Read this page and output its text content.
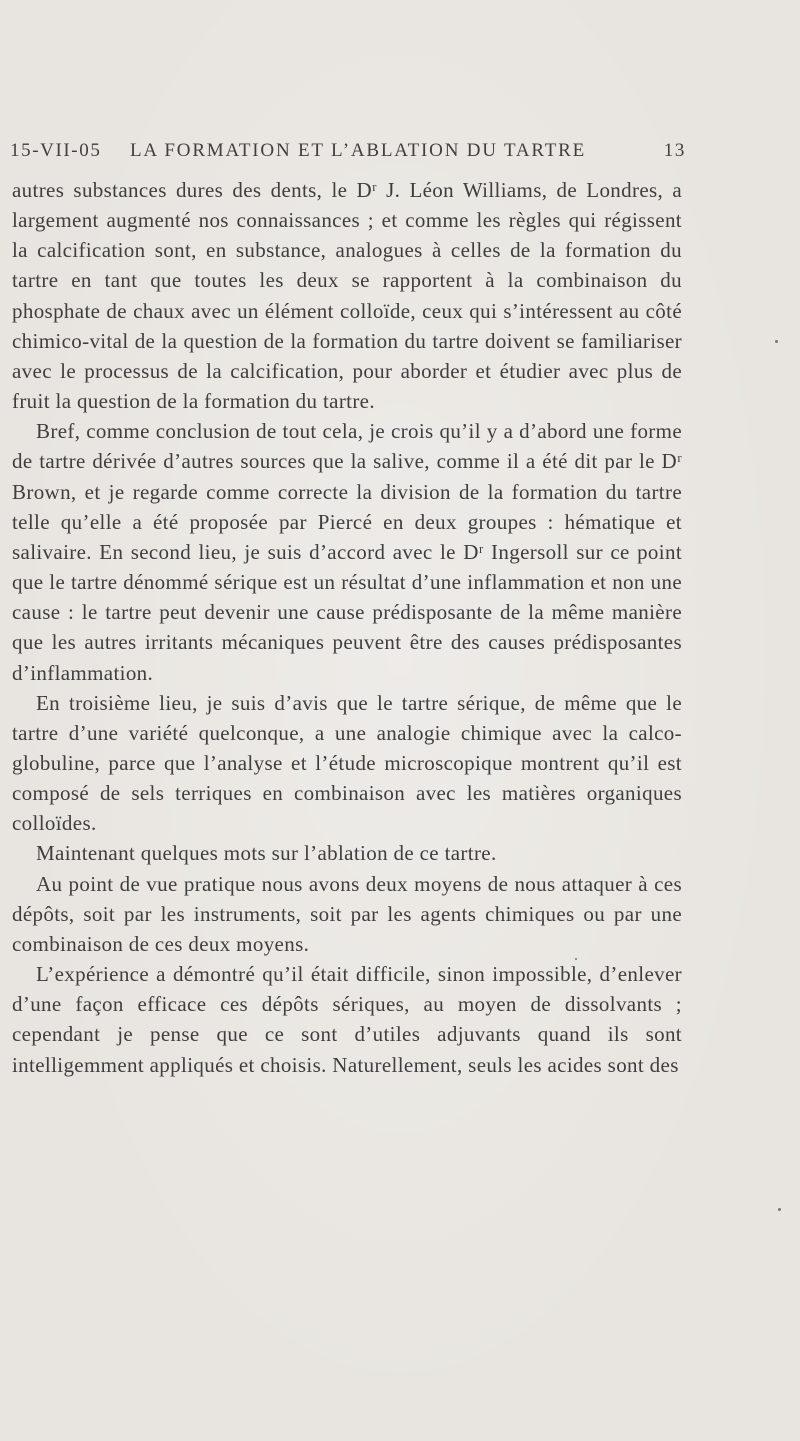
15-VII-05 LA FORMATION ET L’ABLATION DU TARTRE	13

autres substances dures des dents, le Dʳ J. Léon Williams, de Londres, a largement augmenté nos connaissances ; et comme les règles qui régissent la calcification sont, en substance, analogues à celles de la formation du tartre en tant que toutes les deux se rapportent à la combinaison du phosphate de chaux avec un élément colloïde, ceux qui s’intéressent au côté chimico-vital de la question de la formation du tartre doivent se familiariser avec le processus de la calcification, pour aborder et étudier avec plus de fruit la question de la formation du tartre.

Bref, comme conclusion de tout cela, je crois qu’il y a d’abord une forme de tartre dérivée d’autres sources que la salive, comme il a été dit par le Dʳ Brown, et je regarde comme correcte la division de la formation du tartre telle qu’elle a été proposée par Piercé en deux groupes : hématique et salivaire. En second lieu, je suis d’accord avec le Dʳ Ingersoll sur ce point que le tartre dénommé sérique est un résultat d’une inflammation et non une cause : le tartre peut devenir une cause prédisposante de la même manière que les autres irritants mécaniques peuvent être des causes prédisposantes d’inflammation.

En troisième lieu, je suis d’avis que le tartre sérique, de même que le tartre d’une variété quelconque, a une analogie chimique avec la calco-globuline, parce que l’analyse et l’étude microscopique montrent qu’il est composé de sels terriques en combinaison avec les matières organiques colloïdes.

Maintenant quelques mots sur l’ablation de ce tartre.

Au point de vue pratique nous avons deux moyens de nous attaquer à ces dépôts, soit par les instruments, soit par les agents chimiques ou par une combinaison de ces deux moyens.

L’expérience a démontré qu’il était difficile, sinon impossible, d’enlever d’une façon efficace ces dépôts sériques, au moyen de dissolvants ; cependant je pense que ce sont d’utiles adjuvants quand ils sont intelligemment appliqués et choisis. Naturellement, seuls les acides sont des
